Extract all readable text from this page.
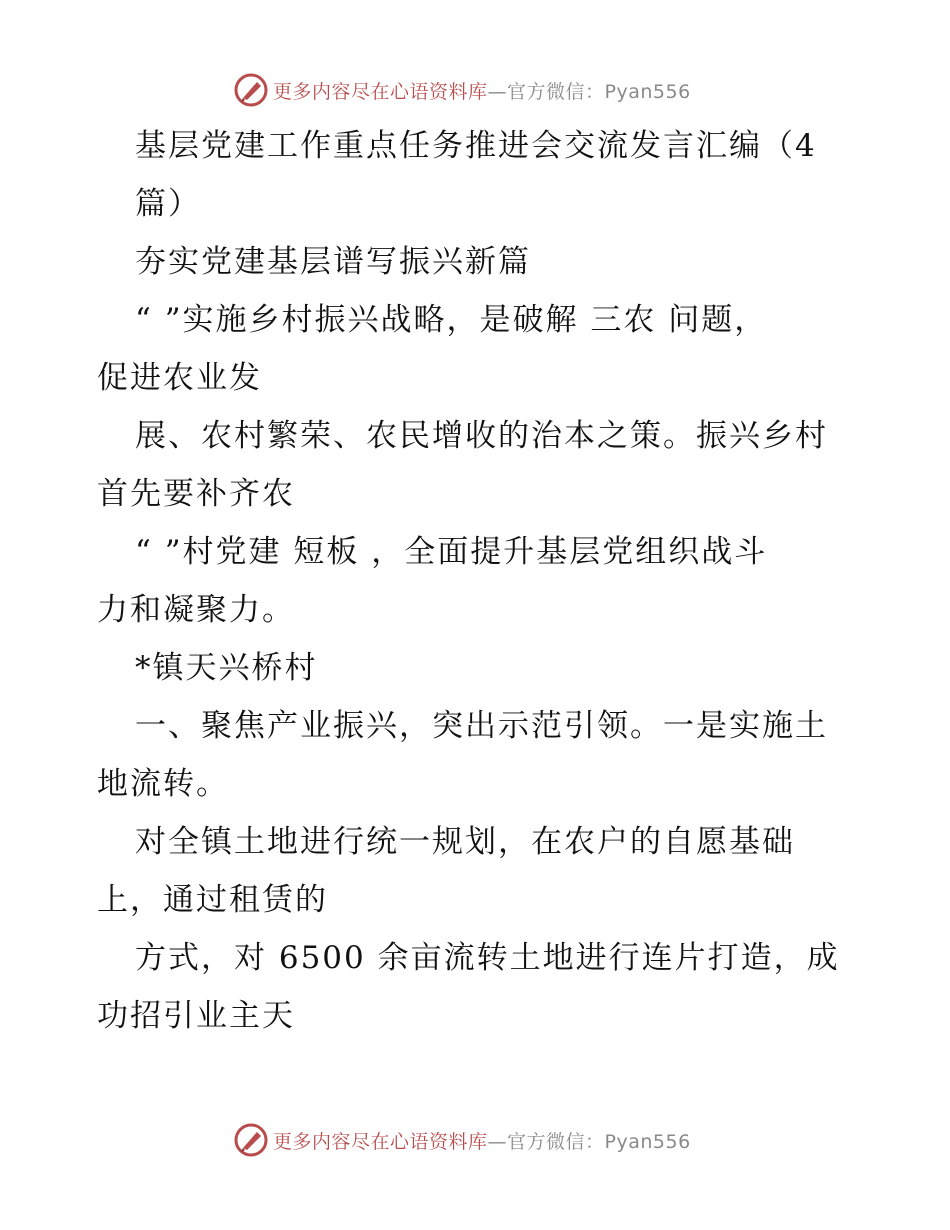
更多内容尽在心语资料库—官方微信：Pyan556
基层党建工作重点任务推进会交流发言汇编（4
篇）
夯实党建基层谱写振兴新篇
“ ”实施乡村振兴战略，是破解 三农 问题，
促进农业发
展、农村繁荣、农民增收的治本之策。振兴乡村
首先要补齐农
“ ”村党建 短板 ，全面提升基层党组织战斗
力和凝聚力。
*镇天兴桥村
一、聚焦产业振兴，突出示范引领。一是实施土
地流转。
对全镇土地进行统一规划，在农户的自愿基础
上，通过租赁的
方式，对 6500 余亩流转土地进行连片打造，成
功招引业主天
更多内容尽在心语资料库—官方微信：Pyan556
